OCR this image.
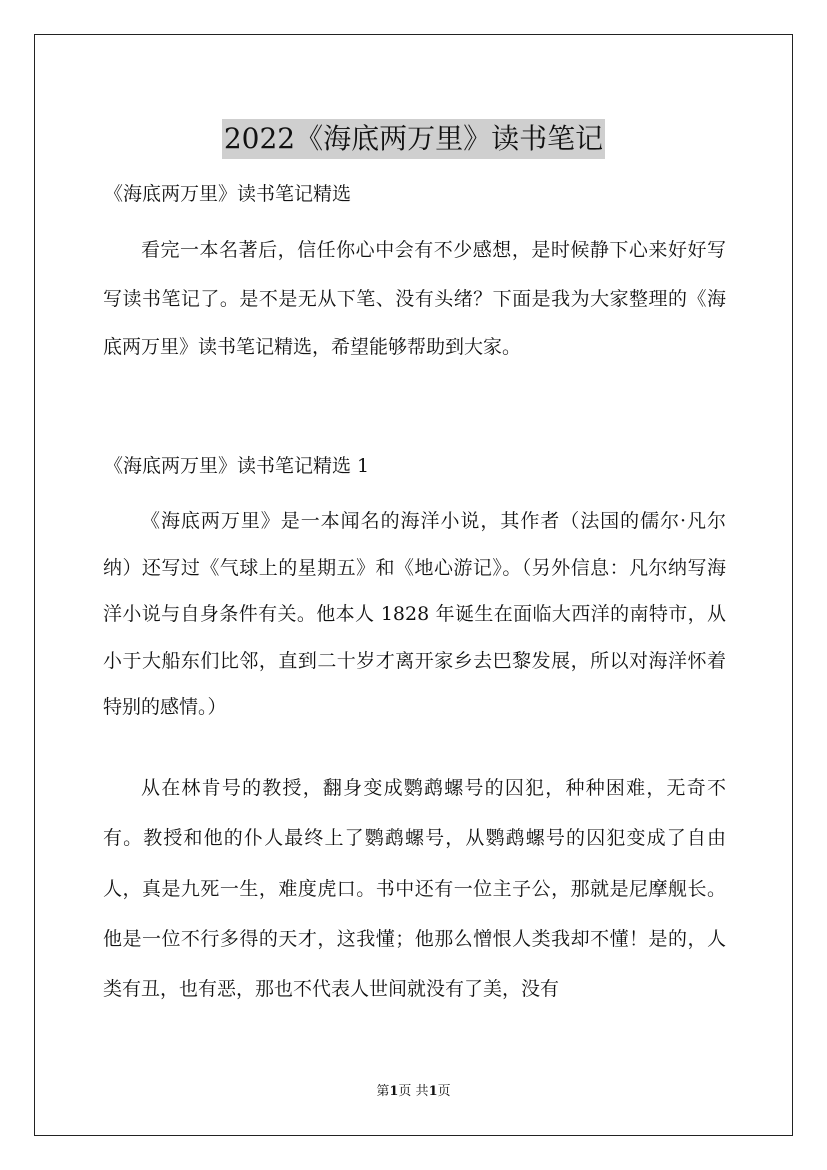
2022《海底两万里》读书笔记
《海底两万里》读书笔记精选

看完一本名著后，信任你心中会有不少感想，是时候静下心来好好写写读书笔记了。是不是无从下笔、没有头绪？下面是我为大家整理的《海底两万里》读书笔记精选，希望能够帮助到大家。

《海底两万里》读书笔记精选 1

《海底两万里》是一本闻名的海洋小说，其作者（法国的儒尔·凡尔纳）还写过《气球上的星期五》和《地心游记》。（另外信息：凡尔纳写海洋小说与自身条件有关。他本人 1828 年诞生在面临大西洋的南特市，从小于大船东们比邻，直到二十岁才离开家乡去巴黎发展，所以对海洋怀着特别的感情。）

从在林肯号的教授，翻身变成鹦鹉螺号的囚犯，种种困难，无奇不有。教授和他的仆人最终上了鹦鹉螺号，从鹦鹉螺号的囚犯变成了自由人，真是九死一生，难度虎口。书中还有一位主子公，那就是尼摩舰长。他是一位不行多得的天才，这我懂；他那么憎恨人类我却不懂！是的，人类有丑，也有恶，那也不代表人世间就没有了美，没有

第1页 共1页
